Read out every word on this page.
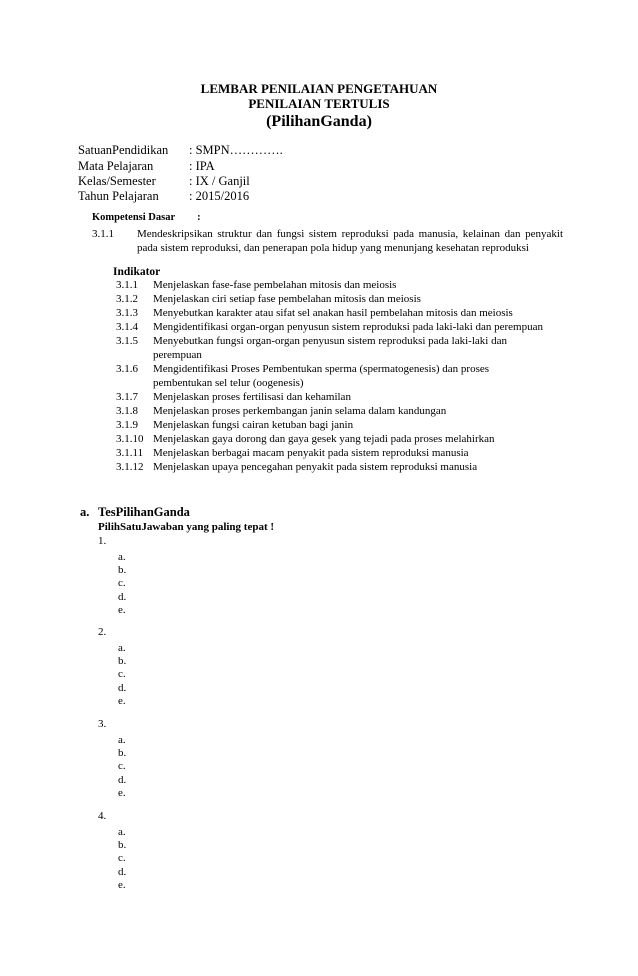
LEMBAR PENILAIAN PENGETAHUAN
PENILAIAN TERTULIS
(PilihanGanda)
SatuanPendidikan : SMPN………….
Mata Pelajaran	: IPA
Kelas/Semester	: IX / Ganjil
Tahun Pelajaran : 2015/2016
Kompetensi Dasar :
3.1.1 Mendeskripsikan struktur dan fungsi sistem reproduksi pada manusia, kelainan dan penyakit pada sistem reproduksi, dan penerapan pola hidup yang menunjang kesehatan reproduksi
Indikator
3.1.1	Menjelaskan fase-fase pembelahan mitosis dan meiosis
3.1.2	Menjelaskan ciri setiap fase pembelahan mitosis dan meiosis
3.1.3	Menyebutkan karakter atau sifat sel anakan hasil pembelahan mitosis dan meiosis
3.1.4	Mengidentifikasi organ-organ penyusun sistem reproduksi pada laki-laki dan perempuan
3.1.5	Menyebutkan fungsi organ-organ penyusun sistem reproduksi pada laki-laki dan perempuan
3.1.6	Mengidentifikasi Proses Pembentukan sperma (spermatogenesis) dan proses pembentukan sel telur (oogenesis)
3.1.7	Menjelaskan proses fertilisasi dan kehamilan
3.1.8	Menjelaskan proses perkembangan janin selama dalam kandungan
3.1.9	Menjelaskan fungsi cairan ketuban bagi janin
3.1.10 Menjelaskan gaya dorong dan gaya gesek yang tejadi pada proses melahirkan
3.1.11 Menjelaskan berbagai macam penyakit pada sistem reproduksi manusia
3.1.12 Menjelaskan upaya pencegahan penyakit pada sistem reproduksi manusia
a. TesPilihanGanda
PilihSatuJawaban yang paling tepat !
1.
a.
b.
c.
d.
e.
2.
a.
b.
c.
d.
e.
3.
a.
b.
c.
d.
e.
4.
a.
b.
c.
d.
e.
